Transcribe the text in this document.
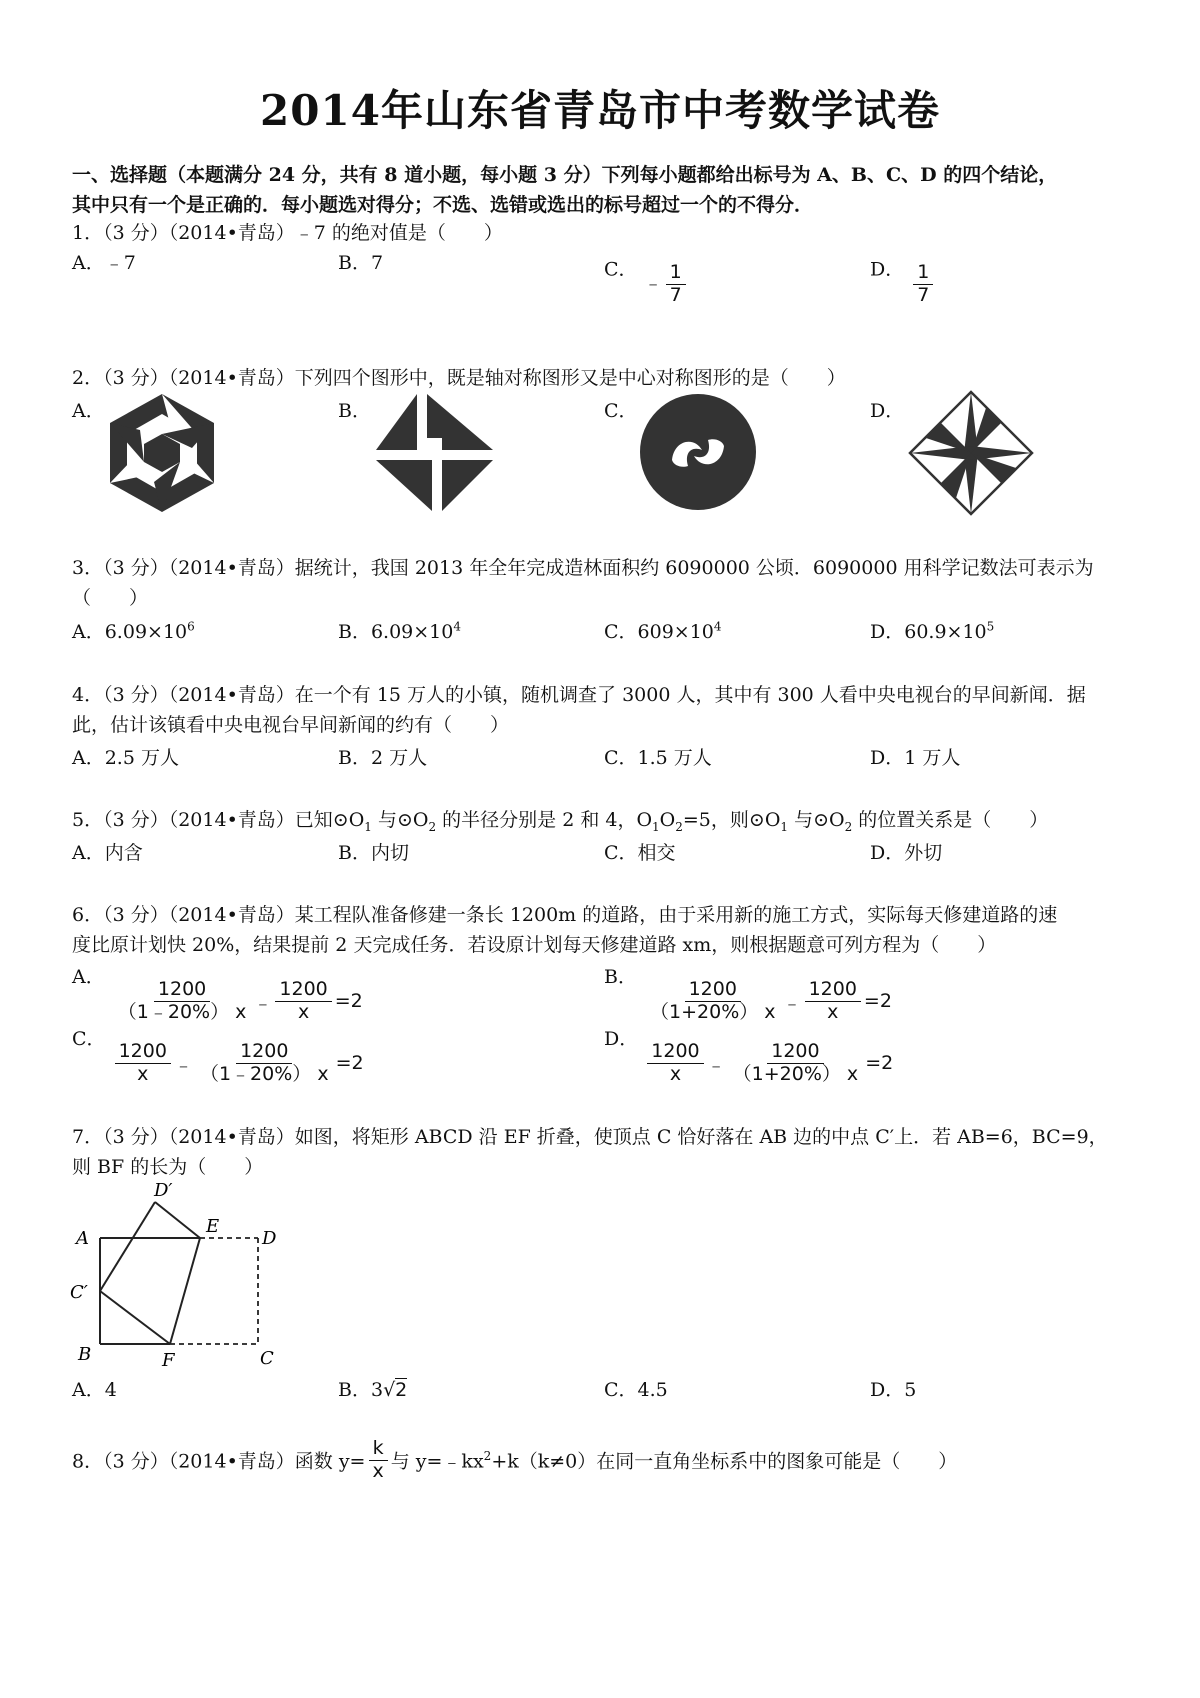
2014年山东省青岛市中考数学试卷
一、选择题（本题满分 24 分，共有 8 道小题，每小题 3 分）下列每小题都给出标号为 A、B、C、D 的四个结论，
其中只有一个是正确的．每小题选对得分；不选、选错或选出的标号超过一个的不得分．
1．（3 分）（2014•青岛）﹣7 的绝对值是（　　）
A．﹣7	B．7	C． ﹣ $\frac{1}{7}$	D． $\frac{1}{7}$
2．（3 分）（2014•青岛）下列四个图形中，既是轴对称图形又是中心对称图形的是（　　）
A．	B．	C．	D．
3．（3 分）（2014•青岛）据统计，我国 2013 年全年完成造林面积约 6090000 公顷．6090000 用科学记数法可表示为
（　　）
A．$6.09\times 10^6$	B．$6.09\times 10^4$	C．$609\times 10^4$	D．$60.9\times 10^5$
4．（3 分）（2014•青岛）在一个有 15 万人的小镇，随机调查了 3000 人，其中有 300 人看中央电视台的早间新闻．据
此，估计该镇看中央电视台早间新闻的约有（　　）
A．2.5 万人	B．2 万人	C．1.5 万人	D．1 万人
5．（3 分）（2014•青岛）已知$⊙O_1$ 与$⊙O_2$ 的半径分别是 2 和 4，$O_1O_2=5$，则$⊙O_1$ 与$⊙O_2$ 的位置关系是（　　）
A．内含	B．内切	C．相交	D．外切
6．（3 分）（2014•青岛）某工程队准备修建一条长 1200m 的道路，由于采用新的施工方式，实际每天修建道路的速
度比原计划快 20%，结果提前 2 天完成任务．若设原计划每天修建道路 xm，则根据题意可列方程为（　　）
A．
$\frac{1200}{(1﹣20\%) x}$ ﹣ $\frac{1200}{x} =2$
B．
$\frac{1200}{(1+20\%) x}$ ﹣ $\frac{1200}{x} =2$
C．
$\frac{1200}{x}$ ﹣ $\frac{1200}{(1﹣20\%) x} =2$
D．
$\frac{1200}{x}$ ﹣ $\frac{1200}{(1+20\%) x} =2$
7．（3 分）（2014•青岛）如图，将矩形 ABCD 沿 EF 折叠，使顶点 C 恰好落在 AB 边的中点 C′上．若 AB=6，BC=9，
则 BF 的长为（　　）
A
B	C
D
E
F
C′
D′
A．4	B．3√2	C．4.5	D．5
8．（3 分）（2014•青岛）函数 $y= \frac{k}{x}$ 与 $y=﹣kx^2+k(k\ne 0)$在同一直角坐标系中的图象可能是（　　）
